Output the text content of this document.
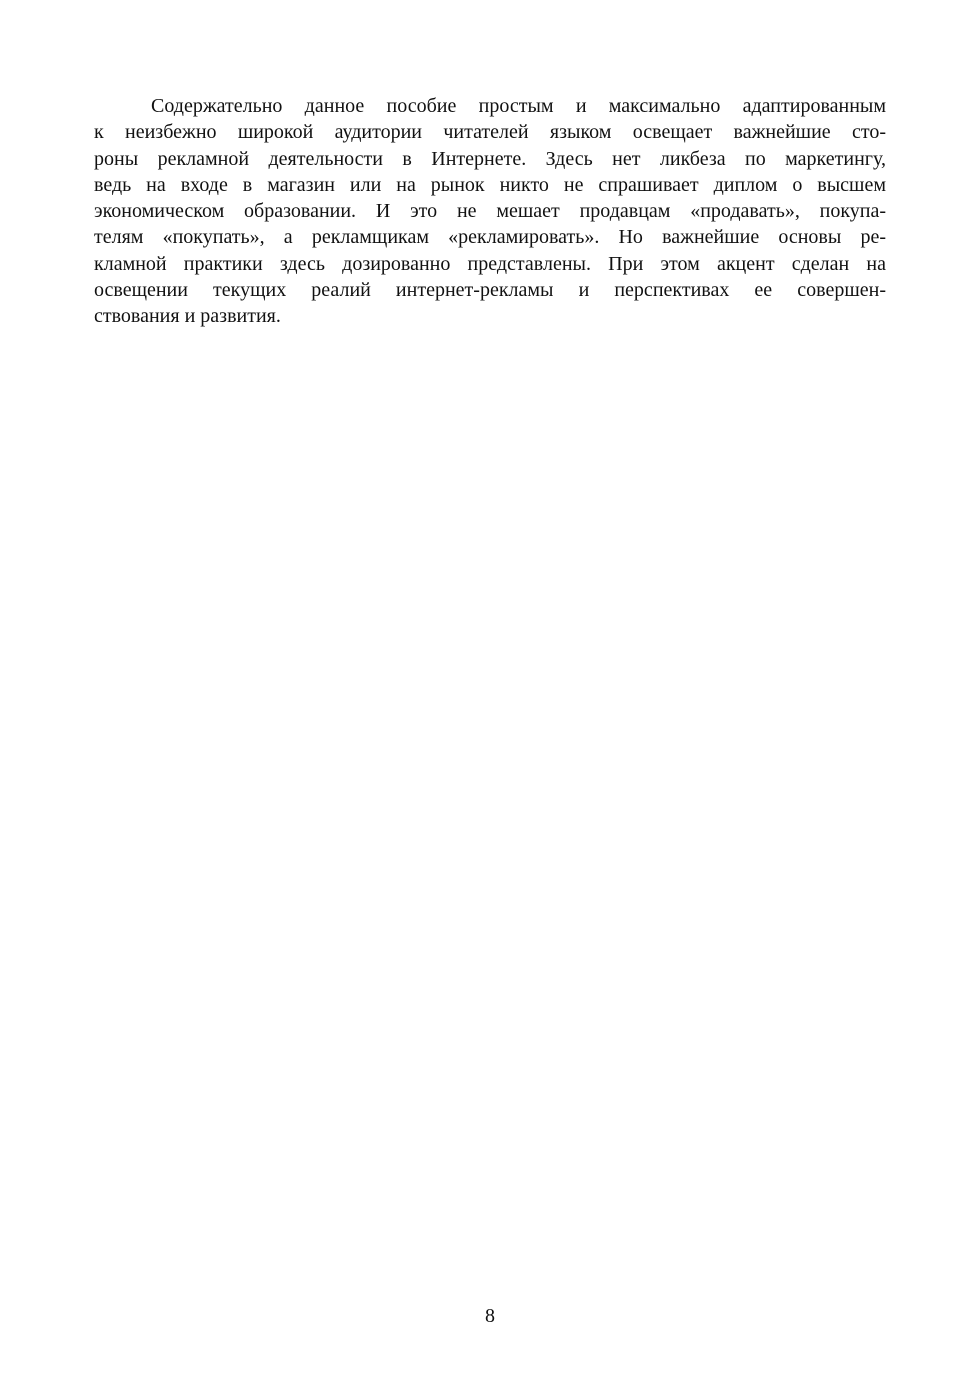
Содержательно данное пособие простым и максимально адаптированным
к неизбежно широкой аудитории читателей языком освещает важнейшие сто-
роны рекламной деятельности в Интернете. Здесь нет ликбеза по маркетингу,
ведь на входе в магазин или на рынок никто не спрашивает диплом о высшем
экономическом образовании. И это не мешает продавцам «продавать», покупа-
телям «покупать», а рекламщикам «рекламировать». Но важнейшие основы ре-
кламной практики здесь дозированно представлены. При этом акцент сделан на
освещении текущих реалий интернет-рекламы и перспективах ее совершен-
ствования и развития.
8
